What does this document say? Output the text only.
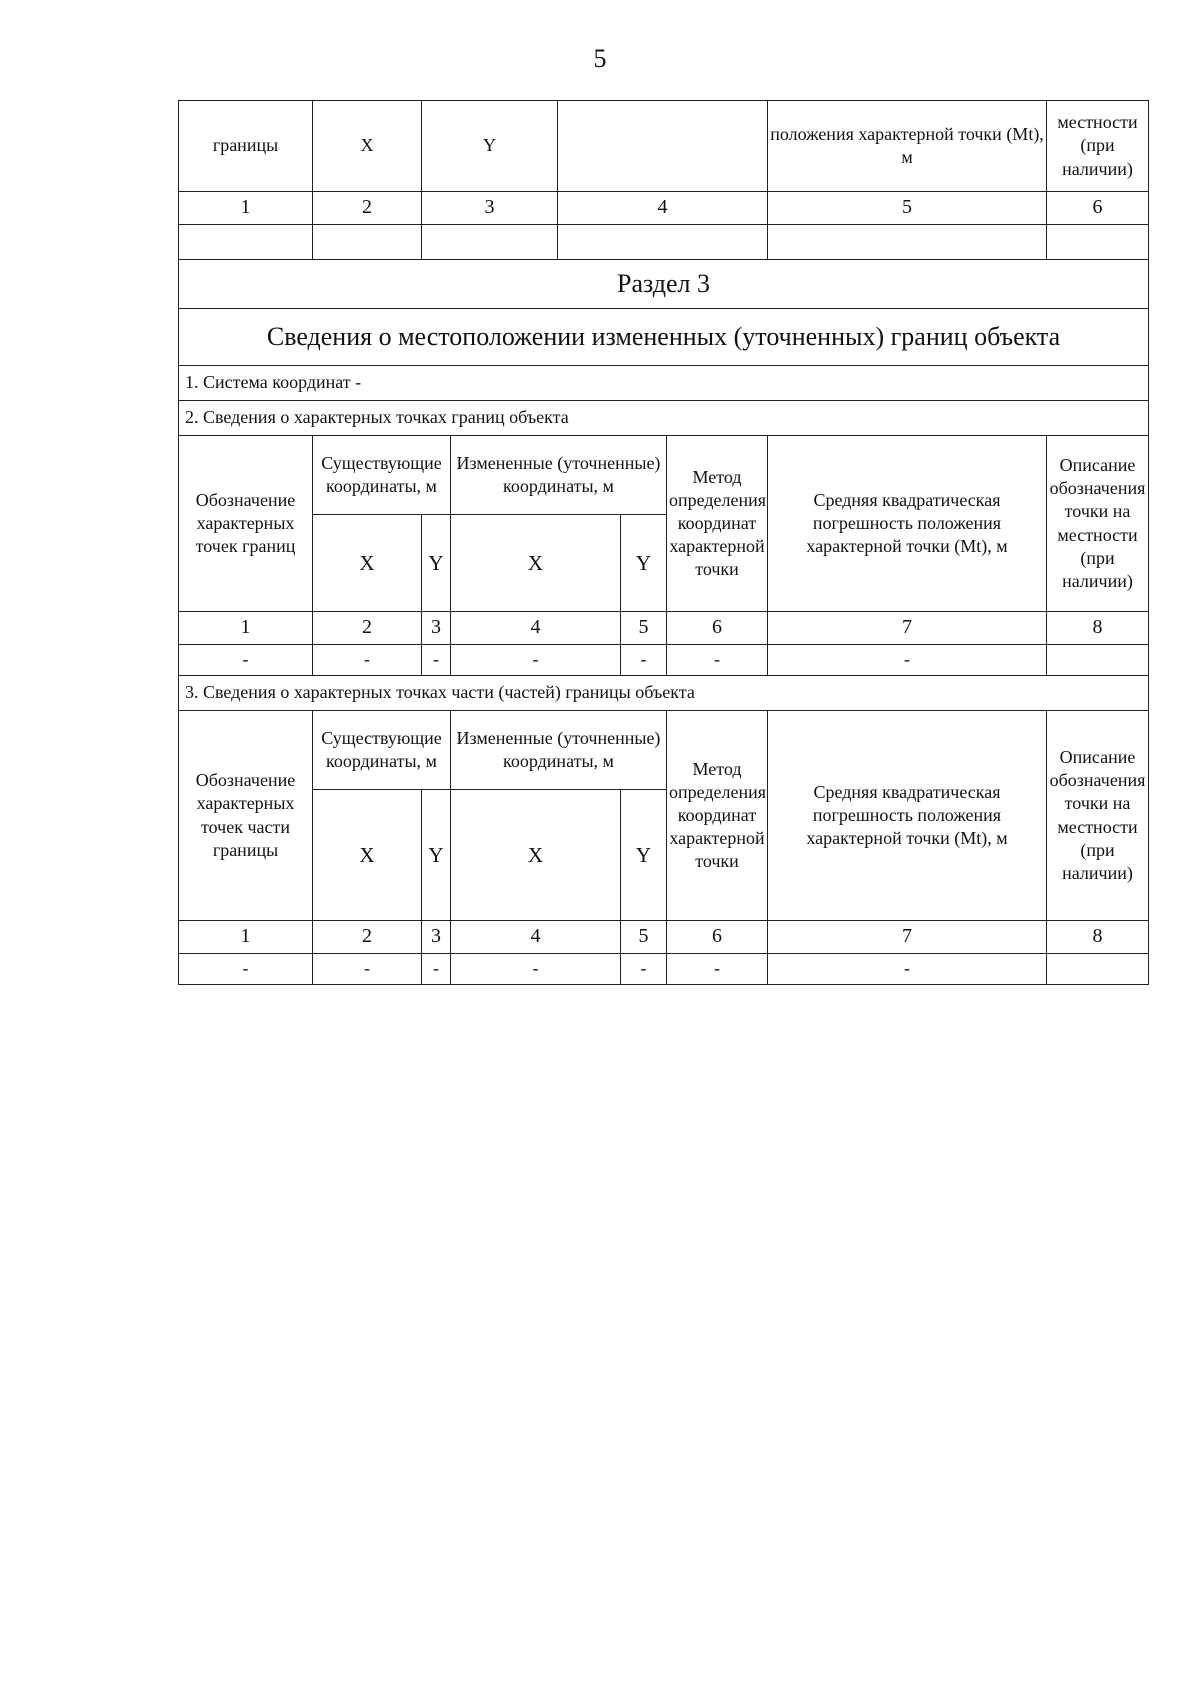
5
границы	X	Y					положения характерной точки (Mt), м	местности (при наличии)
1	2	3		4			5	6

Раздел 3								
Сведения о местоположении измененных (уточненных) границ объекта								
1. Система координат -								
2. Сведения о характерных точках границ объекта								
Обозначение характерных точек границ	Существующие координаты, м		Измененные (уточненные) координаты, м			Метод определения координат характерной точки	Средняя квадратическая погрешность положения характерной точки (Mt), м	Описание обозначения точки на местности (при наличии)
	X	Y	X		Y			
1	2	3	4		5	6	7	8
-	-	-	-		-	-	-	
3. Сведения о характерных точках части (частей) границы объекта								
Обозначение характерных точек части границы	Существующие координаты, м		Измененные (уточненные) координаты, м			Метод определения координат характерной точки	Средняя квадратическая погрешность положения характерной точки (Mt), м	Описание обозначения точки на местности (при наличии)
	X	Y	X		Y			
1	2	3	4		5	6	7	8
-	-	-	-		-	-	-	
